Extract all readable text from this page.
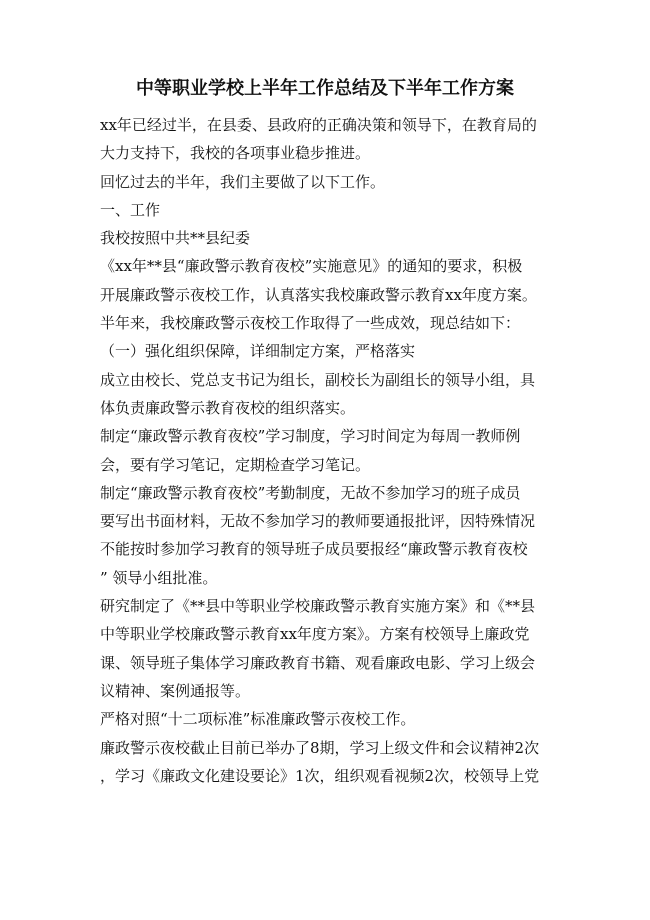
中等职业学校上半年工作总结及下半年工作方案
xx年已经过半，在县委、县政府的正确决策和领导下，在教育局的
大力支持下，我校的各项事业稳步推进。
回忆过去的半年，我们主要做了以下工作。
一、工作
我校按照中共**县纪委
《xx年**县“廉政警示教育夜校”实施意见》的通知的要求，积极
开展廉政警示夜校工作，认真落实我校廉政警示教育xx年度方案。
半年来，我校廉政警示夜校工作取得了一些成效，现总结如下：
（一）强化组织保障，详细制定方案，严格落实
成立由校长、党总支书记为组长，副校长为副组长的领导小组，具
体负责廉政警示教育夜校的组织落实。
制定“廉政警示教育夜校”学习制度，学习时间定为每周一教师例
会，要有学习笔记，定期检查学习笔记。
制定“廉政警示教育夜校”考勤制度，无故不参加学习的班子成员
要写出书面材料，无故不参加学习的教师要通报批评，因特殊情况
不能按时参加学习教育的领导班子成员要报经“廉政警示教育夜校
” 领导小组批准。
研究制定了《**县中等职业学校廉政警示教育实施方案》和《**县
中等职业学校廉政警示教育xx年度方案》。方案有校领导上廉政党
课、领导班子集体学习廉政教育书籍、观看廉政电影、学习上级会
议精神、案例通报等。
严格对照“十二项标准”标准廉政警示夜校工作。
廉政警示夜校截止目前已举办了8期，学习上级文件和会议精神2次
，学习《廉政文化建设要论》1次，组织观看视频2次，校领导上党
